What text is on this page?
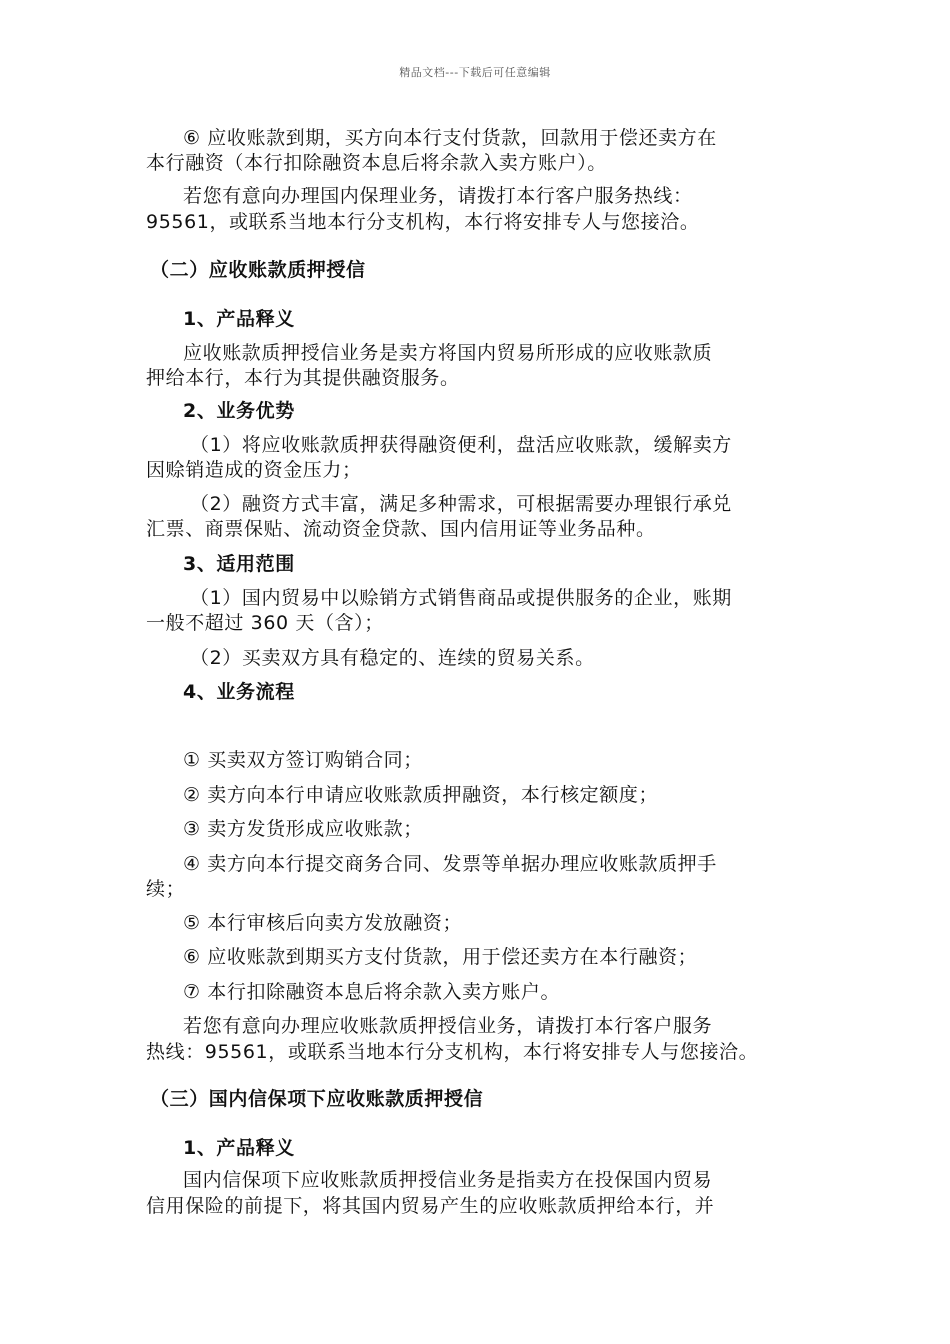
精品文档---下载后可任意编辑
⑥ 应收账款到期，买方向本行支付货款，回款用于偿还卖方在
本行融资（本行扣除融资本息后将余款入卖方账户）。
若您有意向办理国内保理业务，请拨打本行客户服务热线：
95561，或联系当地本行分支机构，本行将安排专人与您接洽。
（二）应收账款质押授信
1、产品释义
应收账款质押授信业务是卖方将国内贸易所形成的应收账款质
押给本行，本行为其提供融资服务。
2、业务优势
（1）将应收账款质押获得融资便利，盘活应收账款，缓解卖方
因赊销造成的资金压力；
（2）融资方式丰富，满足多种需求，可根据需要办理银行承兑
汇票、商票保贴、流动资金贷款、国内信用证等业务品种。
3、适用范围
（1）国内贸易中以赊销方式销售商品或提供服务的企业，账期
一般不超过 360 天（含）；
（2）买卖双方具有稳定的、连续的贸易关系。
4、业务流程
① 买卖双方签订购销合同；
② 卖方向本行申请应收账款质押融资，本行核定额度；
③ 卖方发货形成应收账款；
④ 卖方向本行提交商务合同、发票等单据办理应收账款质押手
续；
⑤ 本行审核后向卖方发放融资；
⑥ 应收账款到期买方支付货款，用于偿还卖方在本行融资；
⑦ 本行扣除融资本息后将余款入卖方账户。
若您有意向办理应收账款质押授信业务，请拨打本行客户服务
热线：95561，或联系当地本行分支机构，本行将安排专人与您接洽。
（三）国内信保项下应收账款质押授信
1、产品释义
国内信保项下应收账款质押授信业务是指卖方在投保国内贸易
信用保险的前提下，将其国内贸易产生的应收账款质押给本行，并
